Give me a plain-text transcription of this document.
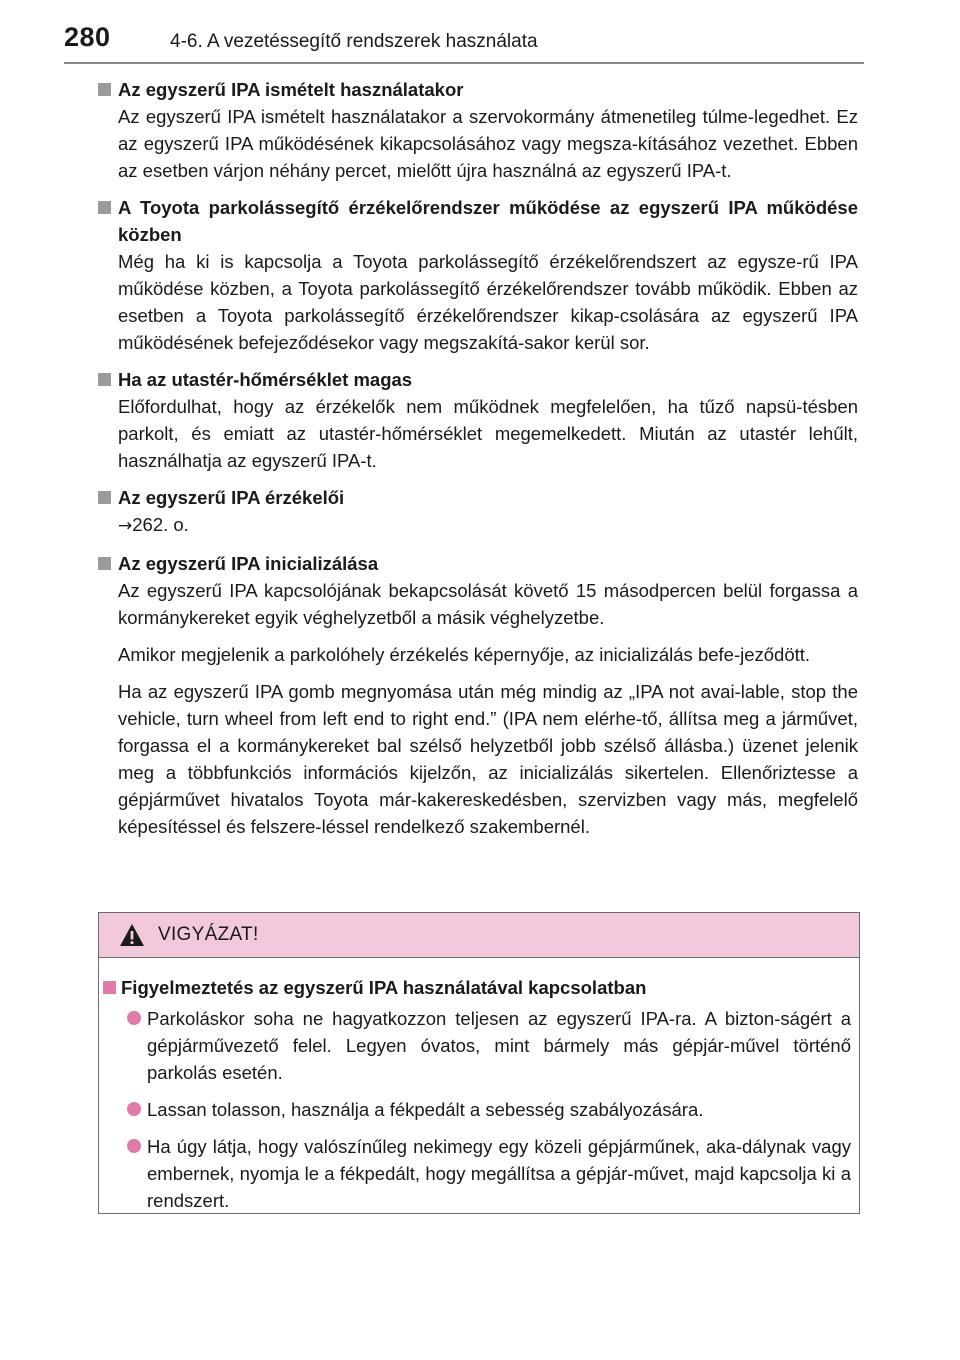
280	4-6. A vezetéssegítő rendszerek használata
Az egyszerű IPA ismételt használatakor

Az egyszerű IPA ismételt használatakor a szervokormány átmenetileg túlme-legedhet. Ez az egyszerű IPA működésének kikapcsolásához vagy megsza-kításához vezethet. Ebben az esetben várjon néhány percet, mielőtt újra használná az egyszerű IPA-t.

A Toyota parkolássegítő érzékelőrendszer működése az egyszerű IPA működése közben

Még ha ki is kapcsolja a Toyota parkolássegítő érzékelőrendszert az egysze-rű IPA működése közben, a Toyota parkolássegítő érzékelőrendszer tovább működik. Ebben az esetben a Toyota parkolássegítő érzékelőrendszer kikap-csolására az egyszerű IPA működésének befejeződésekor vagy megszakítá-sakor kerül sor.

Ha az utastér-hőmérséklet magas

Előfordulhat, hogy az érzékelők nem működnek megfelelően, ha tűző napsü-tésben parkolt, és emiatt az utastér-hőmérséklet megemelkedett. Miután az utastér lehűlt, használhatja az egyszerű IPA-t.

Az egyszerű IPA érzékelői

→262. o.

Az egyszerű IPA inicializálása

Az egyszerű IPA kapcsolójának bekapcsolását követő 15 másodpercen belül forgassa a kormánykereket egyik véghelyzetből a másik véghelyzetbe.

Amikor megjelenik a parkolóhely érzékelés képernyője, az inicializálás befe-jeződött.

Ha az egyszerű IPA gomb megnyomása után még mindig az „IPA not avai-lable, stop the vehicle, turn wheel from left end to right end.” (IPA nem elérhe-tő, állítsa meg a járművet, forgassa el a kormánykereket bal szélső helyzetből jobb szélső állásba.) üzenet jelenik meg a többfunkciós információs kijelzőn, az inicializálás sikertelen. Ellenőriztesse a gépjárművet hivatalos Toyota már-kakereskedésben, szervizben vagy más, megfelelő képesítéssel és felszere-léssel rendelkező szakembernél.

VIGYÁZAT!
Figyelmeztetés az egyszerű IPA használatával kapcsolatban
Parkoláskor soha ne hagyatkozzon teljesen az egyszerű IPA-ra. A bizton-ságért a gépjárművezető felel. Legyen óvatos, mint bármely más gépjár-művel történő parkolás esetén.
Lassan tolasson, használja a fékpedált a sebesség szabályozására.
Ha úgy látja, hogy valószínűleg nekimegy egy közeli gépjárműnek, aka-dálynak vagy embernek, nyomja le a fékpedált, hogy megállítsa a gépjár-művet, majd kapcsolja ki a rendszert.
